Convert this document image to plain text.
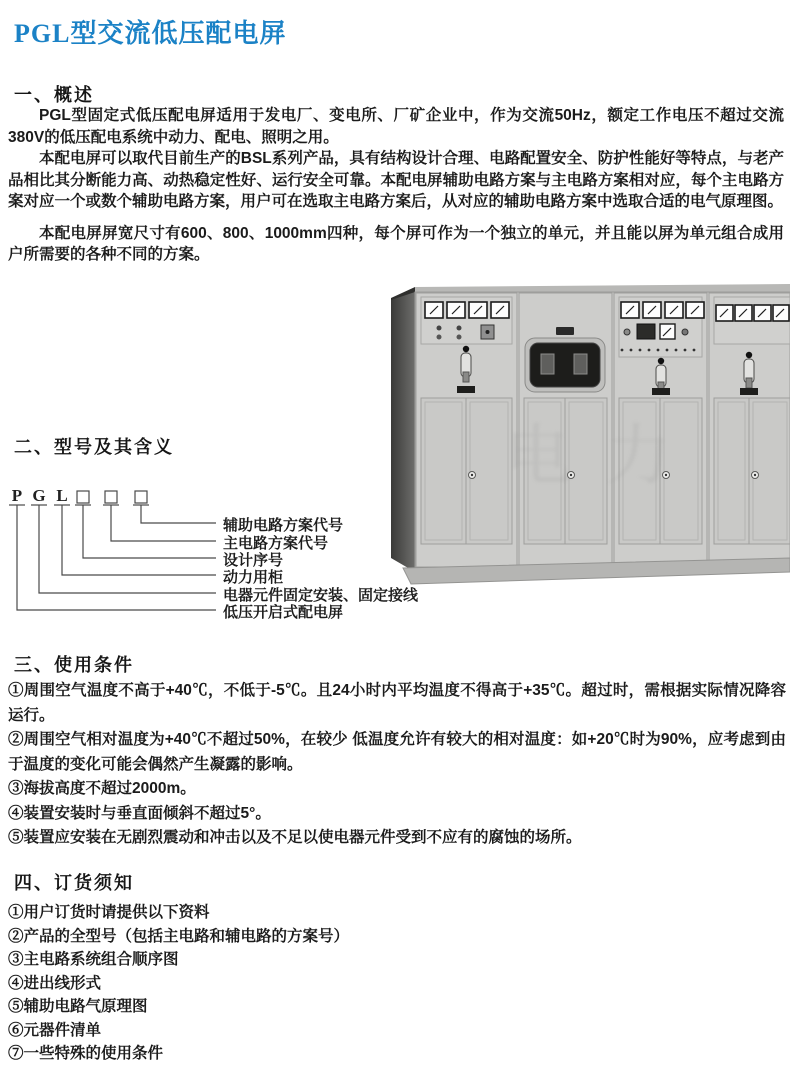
PGL型交流低压配电屏
一、概述

PGL型固定式低压配电屏适用于发电厂、变电所、厂矿企业中，作为交流50Hz，额定工作电压不超过交流380V的低压配电系统中动力、配电、照明之用。

本配电屏可以取代目前生产的BSL系列产品，具有结构设计合理、电路配置安全、防护性能好等特点，与老产品相比其分断能力高、动热稳定性好、运行安全可靠。本配电屏辅助电路方案与主电路方案相对应，每个主电路方案对应一个或数个辅助电路方案，用户可在选取主电路方案后，从对应的辅助电路方案中选取合适的电气原理图。

本配电屏屏宽尺寸有600、800、1000mm四种，每个屏可作为一个独立的单元，并且能以屏为单元组合成用户所需要的各种不同的方案。

电力
二、型号及其含义
P G L
辅助电路方案代号
主电路方案代号
设计序号
动力用柜
电器元件固定安装、固定接线
低压开启式配电屏
三、使用条件
①周围空气温度不高于+40℃，不低于-5℃。且24小时内平均温度不得高于+35℃。超过时，需根据实际情况降容运行。
②周围空气相对温度为+40℃不超过50%，在较少 低温度允许有较大的相对温度：如+20℃时为90%，应考虑到由于温度的变化可能会偶然产生凝露的影响。
③海拔高度不超过2000m。
④装置安装时与垂直面倾斜不超过5°。
⑤装置应安装在无剧烈震动和冲击以及不足以使电器元件受到不应有的腐蚀的场所。
四、订货须知
①用户订货时请提供以下资料
②产品的全型号（包括主电路和辅电路的方案号）
③主电路系统组合顺序图
④进出线形式
⑤辅助电路气原理图
⑥元器件清单
⑦一些特殊的使用条件
